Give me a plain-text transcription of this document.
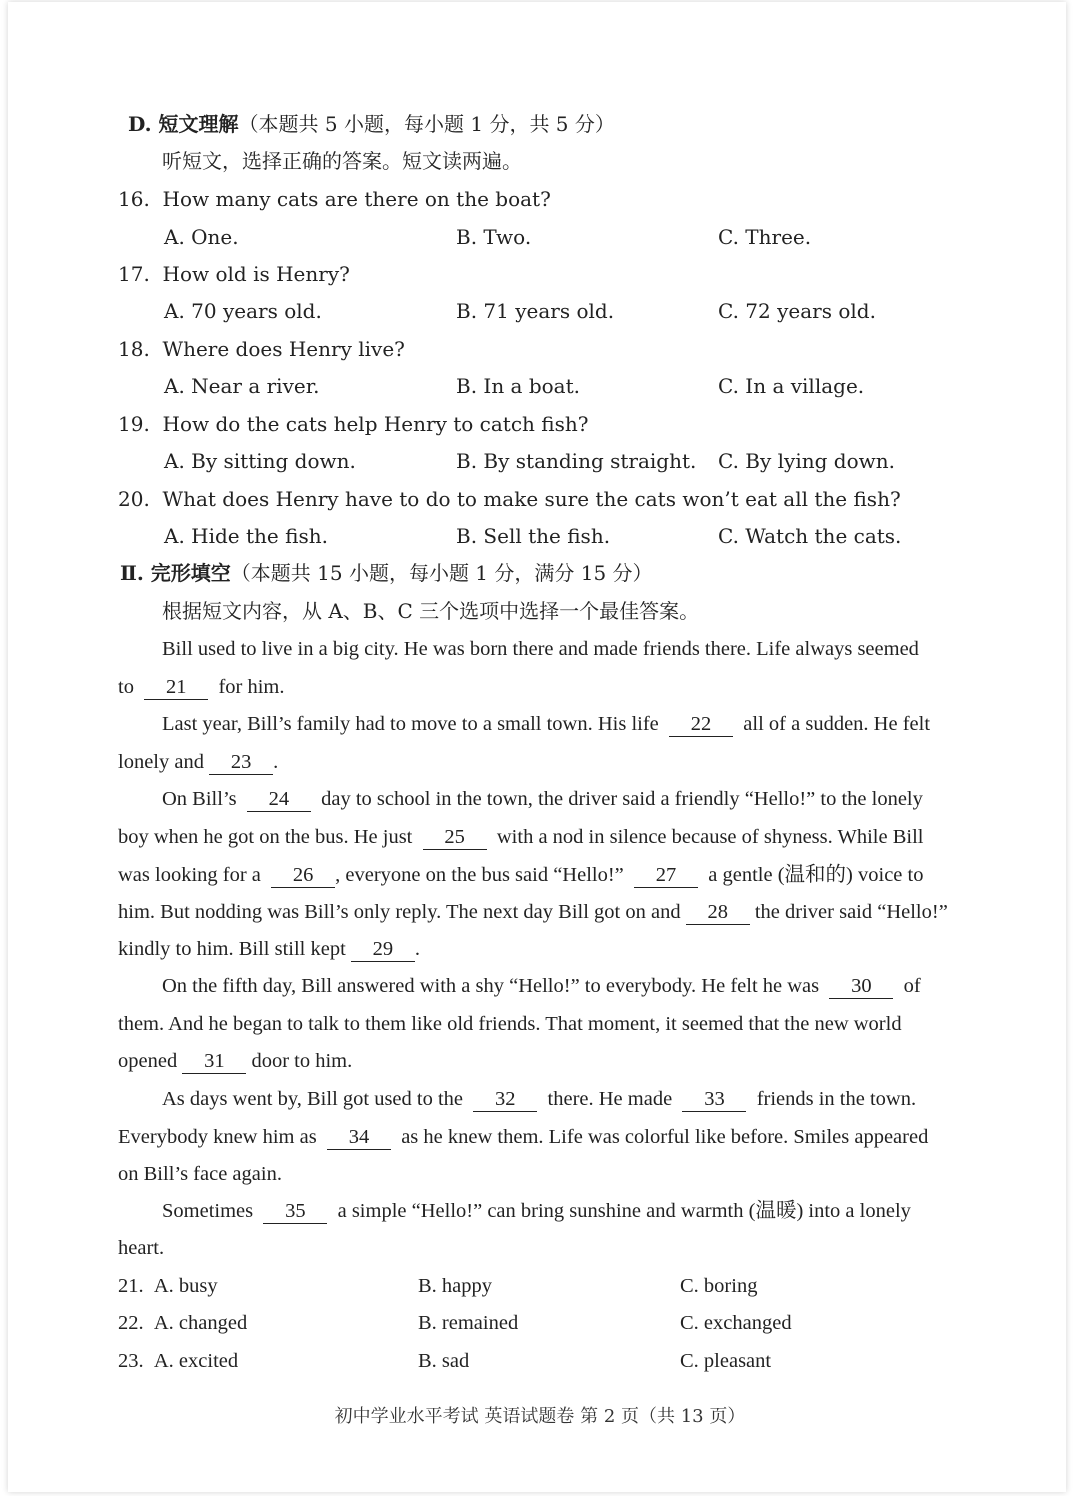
D. 短文理解（本题共 5 小题，每小题 1 分，共 5 分）
听短文，选择正确的答案。短文读两遍。
16. How many cats are there on the boat?
A. One.	B. Two.	C. Three.
17. How old is Henry?
A. 70 years old.	B. 71 years old.	C. 72 years old.
18. Where does Henry live?
A. Near a river.	B. In a boat.	C. In a village.
19. How do the cats help Henry to catch fish?
A. By sitting down.	B. By standing straight. C. By lying down.
20. What does Henry have to do to make sure the cats won’t eat all the fish?
A. Hide the fish.	B. Sell the fish.	C. Watch the cats.
Ⅱ. 完形填空（本题共 15 小题，每小题 1 分，满分 15 分）
根据短文内容，从 A、B、C 三个选项中选择一个最佳答案。
Bill used to live in a big city. He was born there and made friends there. Life always seemed
to 21 for him.
Last year, Bill’s family had to move to a small town. His life 22 all of a sudden. He felt
lonely and 23 .
On Bill’s 24 day to school in the town, the driver said a friendly “Hello!” to the lonely
boy when he got on the bus. He just 25 with a nod in silence because of shyness. While Bill
was looking for a 26 , everyone on the bus said “Hello!” 27 a gentle (温和的) voice to
him. But nodding was Bill’s only reply. The next day Bill got on and 28 the driver said “Hello!”
kindly to him. Bill still kept 29 .
On the fifth day, Bill answered with a shy “Hello!” to everybody. He felt he was 30 of
them. And he began to talk to them like old friends. That moment, it seemed that the new world
opened 31 door to him.
As days went by, Bill got used to the 32 there. He made 33 friends in the town.
Everybody knew him as 34 as he knew them. Life was colorful like before. Smiles appeared
on Bill’s face again.
Sometimes 35 a simple “Hello!” can bring sunshine and warmth (温暖) into a lonely
heart.
21. A. busy	B. happy	C. boring
22. A. changed	B. remained	C. exchanged
23. A. excited	B. sad	C. pleasant
初中学业水平考试 英语试题卷 第 2 页（共 13 页）
